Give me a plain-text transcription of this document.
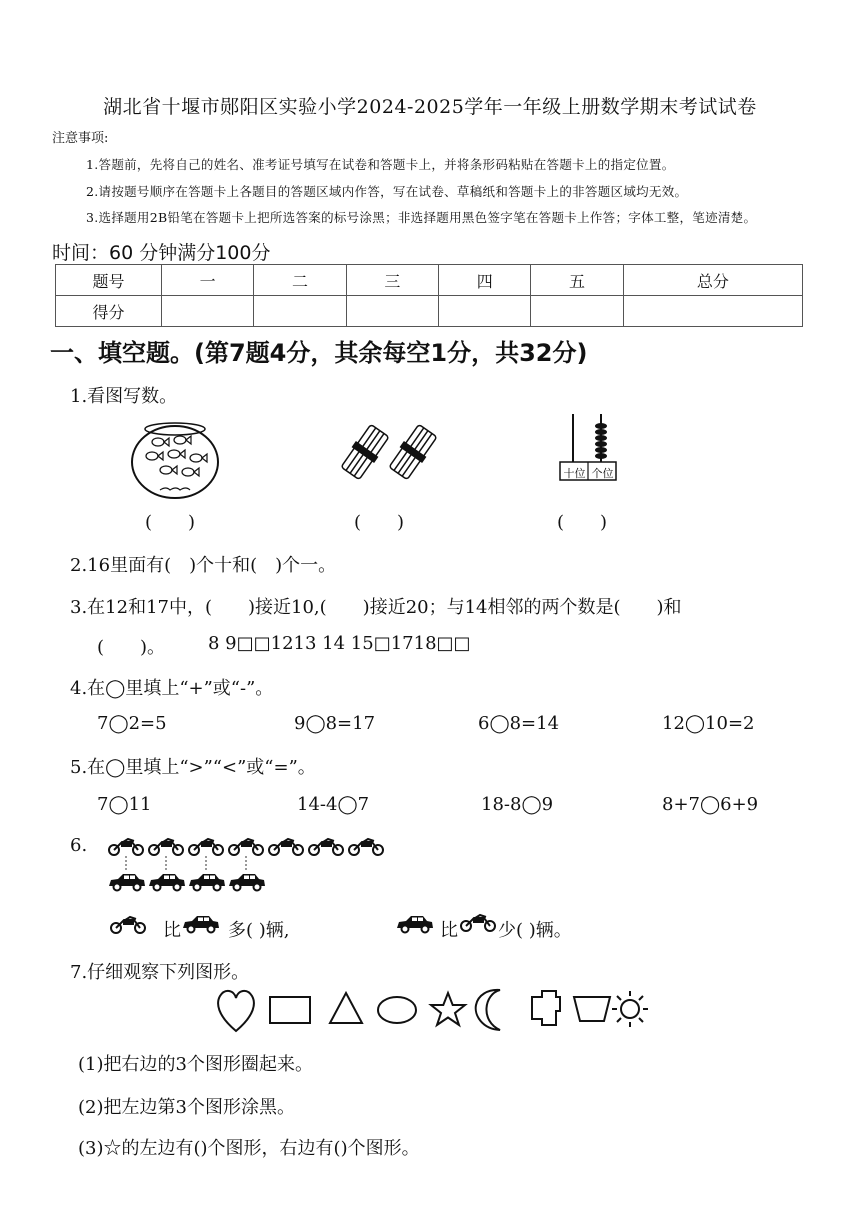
湖北省十堰市郧阳区实验小学2024-2025学年一年级上册数学期末考试试卷
注意事项:
1.答题前，先将自己的姓名、准考证号填写在试卷和答题卡上，并将条形码粘贴在答题卡上的指定位置。
2.请按题号顺序在答题卡上各题目的答题区域内作答，写在试卷、草稿纸和答题卡上的非答题区域均无效。
3.选择题用2B铅笔在答题卡上把所选答案的标号涂黑；非选择题用黑色签字笔在答题卡上作答；字体工整，笔迹清楚。
时间：60 分钟满分100分
题号	一	二	三	四	五	总分
得分						
一、填空题。(第7题4分，其余每空1分，共32分)
1.看图写数。
十位 个位
(　　)	(　　)	(　　)
2.16里面有(　)个十和(　)个一。
3.在12和17中，(　　)接近10,(　　)接近20；与14相邻的两个数是(　　)和
(　　)。 8 9□□1213 14 15□1718□□
4.在◯里填上“+”或“-”。
7◯2=5	9◯8=17	6◯8=14	12◯10=2
5.在◯里填上“>”“<”或“=”。
7◯11	14-4◯7	18-8◯9	8+7◯6+9
6.
比	多( )辆,	比 少( )辆。
7.仔细观察下列图形。
(1)把右边的3个图形圈起来。
(2)把左边第3个图形涂黑。
(3)☆的左边有()个图形，右边有()个图形。
